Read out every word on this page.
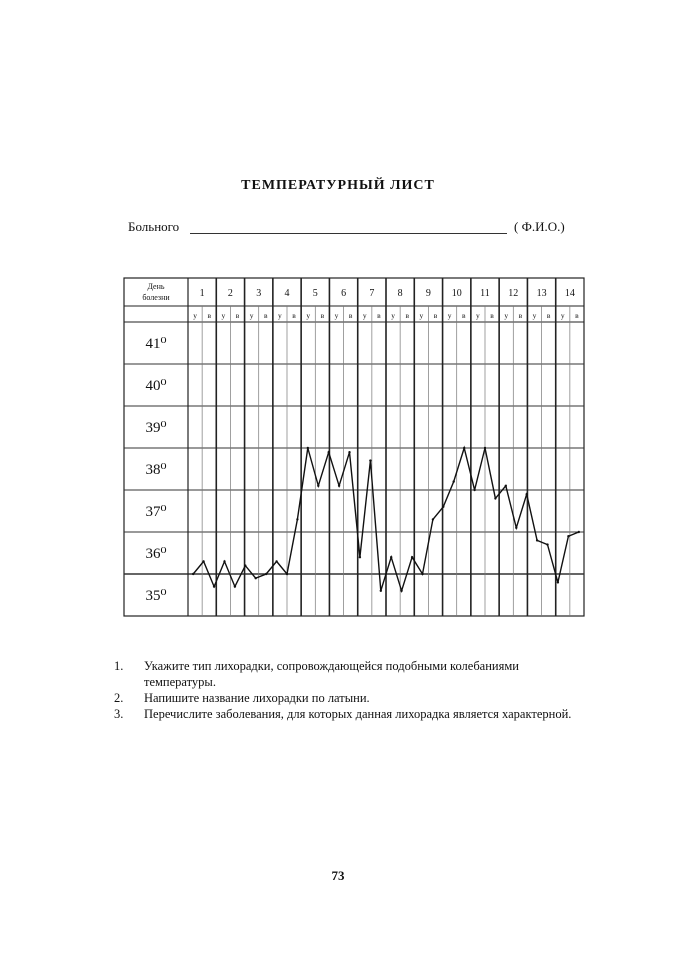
ТЕМПЕРАТУРНЫЙ ЛИСТ
Больного	( Ф.И.О.)
День
болезни	1 2 3 4 5 6 7 8 9 10 11 12 13 14
у в у в у в у в у в у в у в у в у в у в у в у в у в у в
41⁰
40⁰
39⁰
38⁰
37⁰
36⁰
35⁰
1. Укажите тип лихорадки, сопровождающейся подобными колебаниями температуры.
2. Напишите название лихорадки по латыни.
3. Перечислите заболевания, для которых данная лихорадка является характерной.
73
